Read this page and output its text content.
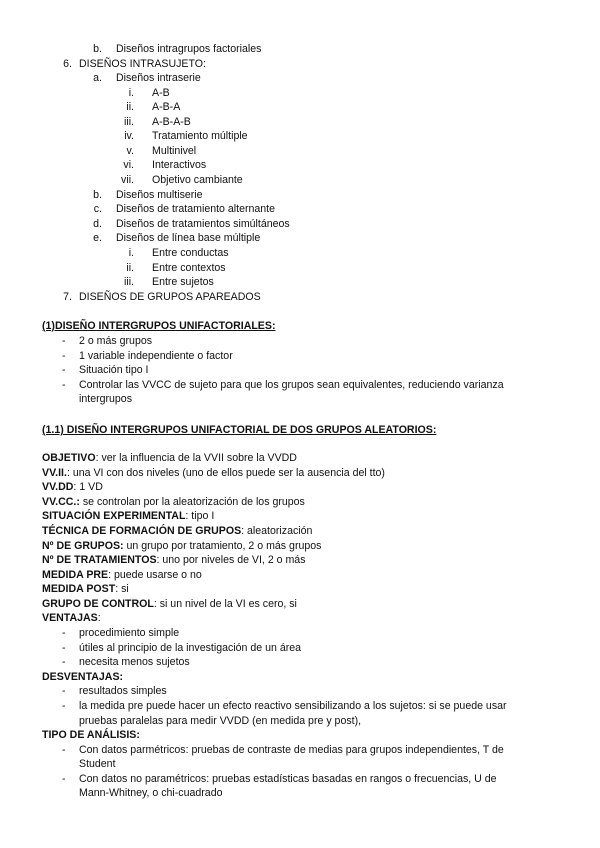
b. Diseños intragrupos factoriales
6. DISEÑOS INTRASUJETO:
a. Diseños intraserie
i. A-B
ii. A-B-A
iii. A-B-A-B
iv. Tratamiento múltiple
v. Multinivel
vi. Interactivos
vii. Objetivo cambiante
b. Diseños multiserie
c. Diseños de tratamiento alternante
d. Diseños de tratamientos simúltáneos
e. Diseños de línea base múltiple
i. Entre conductas
ii. Entre contextos
iii. Entre sujetos
7. DISEÑOS DE GRUPOS APAREADOS
(1)DISEÑO INTERGRUPOS UNIFACTORIALES:
- 2 o más grupos
- 1 variable independiente o factor
- Situación tipo I
- Controlar las VVCC de sujeto para que los grupos sean equivalentes, reduciendo varianza
intergrupos
(1.1) DISEÑO INTERGRUPOS UNIFACTORIAL DE DOS GRUPOS ALEATORIOS:
OBJETIVO: ver la influencia de la VVII sobre la VVDD
VV.II.: una VI con dos niveles (uno de ellos puede ser la ausencia del tto)
VV.DD: 1 VD
VV.CC.: se controlan por la aleatorización de los grupos
SITUACIÓN EXPERIMENTAL: tipo I
TÉCNICA DE FORMACIÓN DE GRUPOS: aleatorización
Nº DE GRUPOS: un grupo por tratamiento, 2 o más grupos
Nº DE TRATAMIENTOS: uno por niveles de VI, 2 o más
MEDIDA PRE: puede usarse o no
MEDIDA POST: si
GRUPO DE CONTROL: si un nivel de la VI es cero, si
VENTAJAS:
- procedimiento simple
- útiles al principio de la investigación de un área
- necesita menos sujetos
DESVENTAJAS:
- resultados simples
- la medida pre puede hacer un efecto reactivo sensibilizando a los sujetos: si se puede usar
pruebas paralelas para medir VVDD (en medida pre y post),
TIPO DE ANÁLISIS:
- Con datos parmétricos: pruebas de contraste de medias para grupos independientes, T de
Student
- Con datos no paramétricos: pruebas estadísticas basadas en rangos o frecuencias, U de
Mann-Whitney, o chi-cuadrado
